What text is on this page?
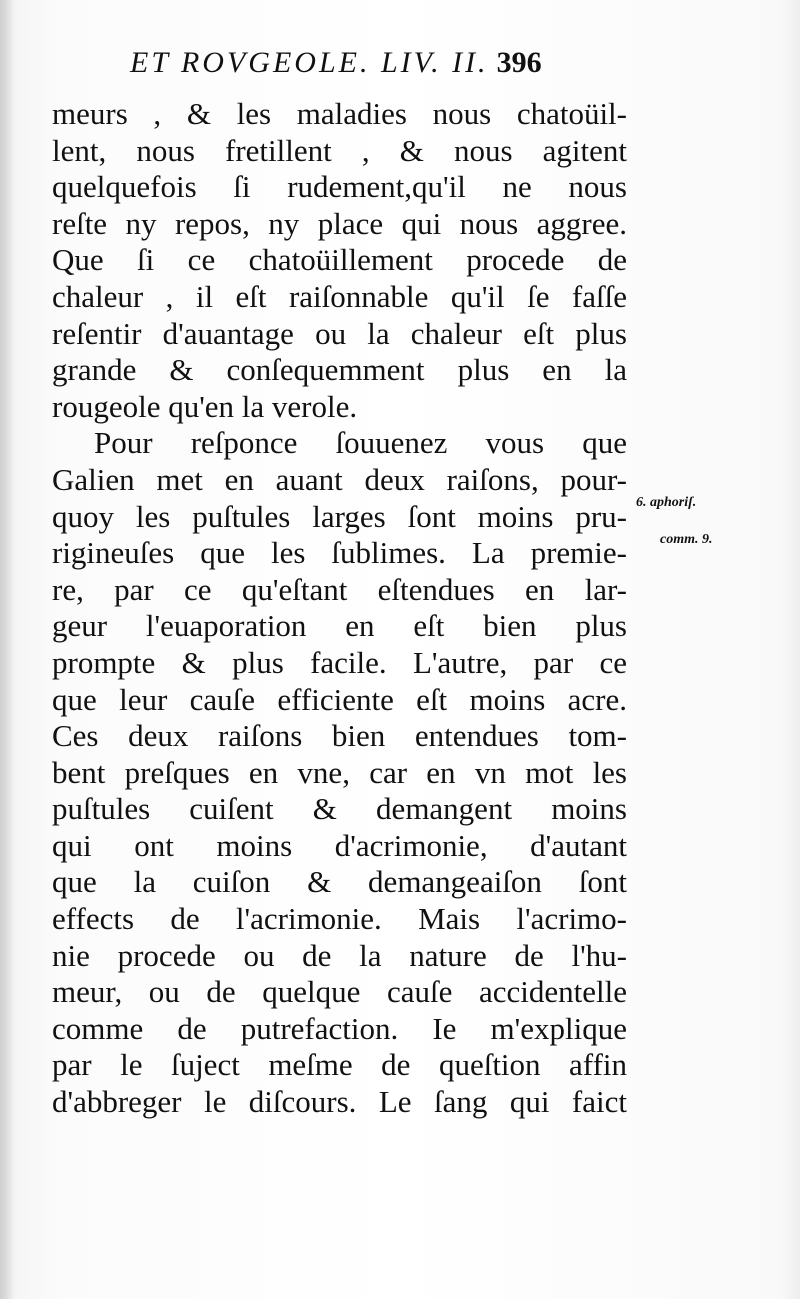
ET ROVGEOLE. LIV. II. 396
meurs , & les maladies nous chatoüil-
lent, nous fretillent , & nous agitent
quelquefois ſi rudement,qu'il ne nous
reſte ny repos, ny place qui nous aggree.
Que ſi ce chatoüillement procede de
chaleur , il eſt raiſonnable qu'il ſe faſſe
reſentir d'auantage ou la chaleur eſt plus
grande & conſequemment plus en la
rougeole qu'en la verole.
Pour reſponce ſouuenez vous que
Galien met en auant deux raiſons, pour-
quoy les puſtules larges ſont moins pru-
rigineuſes que les ſublimes. La premie-
re, par ce qu'eſtant eſtendues en lar-
geur l'euaporation en eſt bien plus
prompte & plus facile. L'autre, par ce
que leur cauſe efficiente eſt moins acre.
Ces deux raiſons bien entendues tom-
bent preſques en vne, car en vn mot les
puſtules cuiſent & demangent moins
qui ont moins d'acrimonie, d'autant
que la cuiſon & demangeaiſon ſont
effects de l'acrimonie. Mais l'acrimo-
nie procede ou de la nature de l'hu-
meur, ou de quelque cauſe accidentelle
comme de putrefaction. Ie m'explique
par le ſuject meſme de queſtion affin
d'abbreger le diſcours. Le ſang qui faict
6. aphoriſ.
comm. 9.
